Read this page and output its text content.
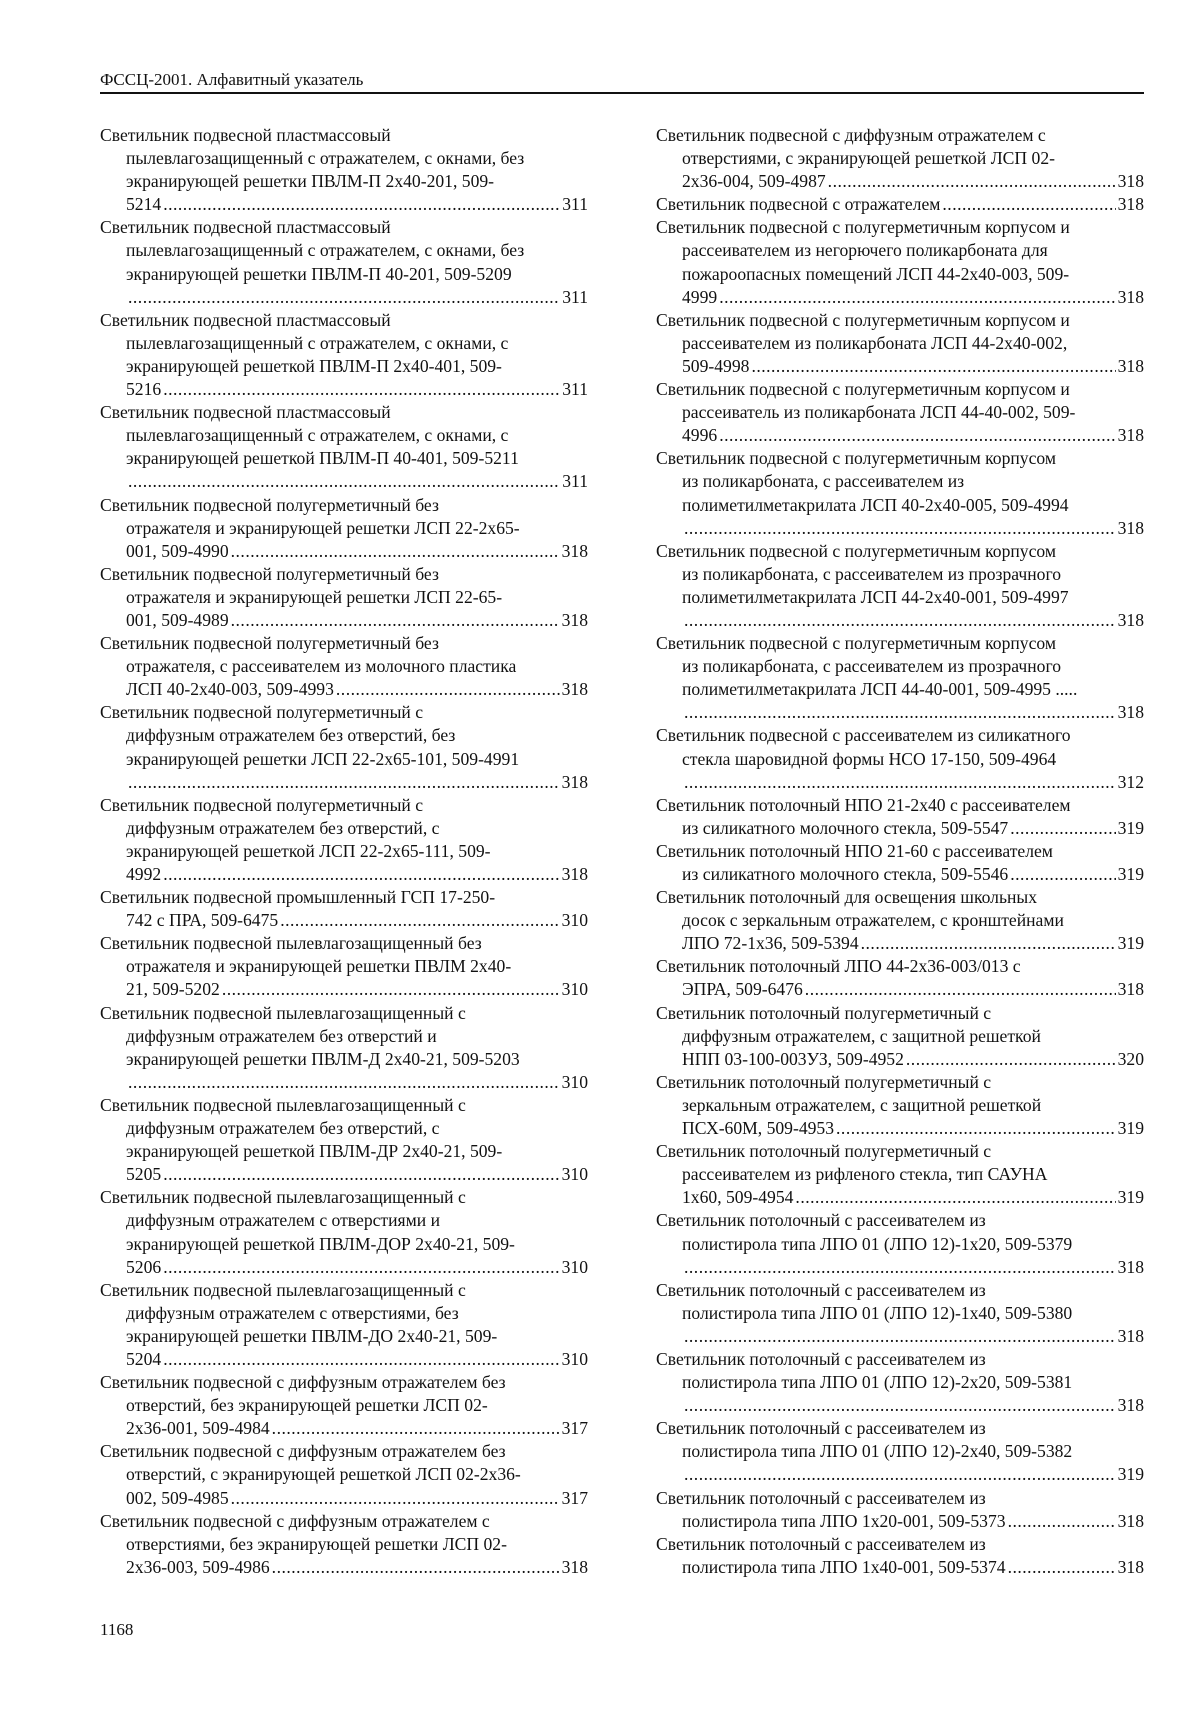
ФССЦ-2001. Алфавитный указатель
Светильник подвесной пластмассовый
пылевлагозащищенный с отражателем, с окнами, без
экранирующей решетки ПВЛМ-П 2х40-201, 509-
5214 .....	311
Светильник подвесной пластмассовый
пылевлагозащищенный с отражателем, с окнами, без
экранирующей решетки ПВЛМ-П 40-201, 509-5209
.....
311
Светильник подвесной пластмассовый
пылевлагозащищенный с отражателем, с окнами, с
экранирующей решеткой ПВЛМ-П 2х40-401, 509-
5216 .....	311
Светильник подвесной пластмассовый
пылевлагозащищенный с отражателем, с окнами, с
экранирующей решеткой ПВЛМ-П 40-401, 509-5211
.....
311
Светильник подвесной полугерметичный без
отражателя и экранирующей решетки ЛСП 22-2х65-
001, 509-4990 .....	318
Светильник подвесной полугерметичный без
отражателя и экранирующей решетки ЛСП 22-65-
001, 509-4989 .....	318
Светильник подвесной полугерметичный без
отражателя, с рассеивателем из молочного пластика
ЛСП 40-2х40-003, 509-4993 .....	318
Светильник подвесной полугерметичный с
диффузным отражателем без отверстий, без
экранирующей решетки ЛСП 22-2х65-101, 509-4991
.....
318
Светильник подвесной полугерметичный с
диффузным отражателем без отверстий, с
экранирующей решеткой ЛСП 22-2х65-111, 509-
4992 .....	318
Светильник подвесной промышленный ГСП 17-250-
742 с ПРА, 509-6475 .....	310
Светильник подвесной пылевлагозащищенный без
отражателя и экранирующей решетки ПВЛМ 2х40-
21, 509-5202 .....	310
Светильник подвесной пылевлагозащищенный с
диффузным отражателем без отверстий и
экранирующей решетки ПВЛМ-Д 2х40-21, 509-5203
.....
310
Светильник подвесной пылевлагозащищенный с
диффузным отражателем без отверстий, с
экранирующей решеткой ПВЛМ-ДР 2х40-21, 509-
5205 .....	310
Светильник подвесной пылевлагозащищенный с
диффузным отражателем с отверстиями и
экранирующей решеткой ПВЛМ-ДОР 2х40-21, 509-
5206 .....	310
Светильник подвесной пылевлагозащищенный с
диффузным отражателем с отверстиями, без
экранирующей решетки ПВЛМ-ДО 2х40-21, 509-
5204 .....	310
Светильник подвесной с диффузным отражателем без
отверстий, без экранирующей решетки ЛСП 02-
2х36-001, 509-4984 .....	317
Светильник подвесной с диффузным отражателем без
отверстий, с экранирующей решеткой ЛСП 02-2х36-
002, 509-4985 .....	317
Светильник подвесной с диффузным отражателем с
отверстиями, без экранирующей решетки ЛСП 02-
2х36-003, 509-4986 .....	318
Светильник подвесной с диффузным отражателем с
отверстиями, с экранирующей решеткой ЛСП 02-
2х36-004, 509-4987 .....	318
Светильник подвесной с отражателем .....	318
Светильник подвесной с полугерметичным корпусом и
рассеивателем из негорючего поликарбоната для
пожароопасных помещений ЛСП 44-2х40-003, 509-
4999 .....	318
Светильник подвесной с полугерметичным корпусом и
рассеивателем из поликарбоната ЛСП 44-2х40-002,
509-4998 .....	318
Светильник подвесной с полугерметичным корпусом и
рассеиватель из поликарбоната ЛСП 44-40-002, 509-
4996 .....	318
Светильник подвесной с полугерметичным корпусом
из поликарбоната, с рассеивателем из
полиметилметакрилата ЛСП 40-2х40-005, 509-4994
.....
318
Светильник подвесной с полугерметичным корпусом
из поликарбоната, с рассеивателем из прозрачного
полиметилметакрилата ЛСП 44-2х40-001, 509-4997
.....
318
Светильник подвесной с полугерметичным корпусом
из поликарбоната, с рассеивателем из прозрачного
полиметилметакрилата ЛСП 44-40-001, 509-4995 .....
.....
318
Светильник подвесной с рассеивателем из силикатного
стекла шаровидной формы НСО 17-150, 509-4964
.....
312
Светильник потолочный НПО 21-2х40 с рассеивателем
из силикатного молочного стекла, 509-5547 .....	319
Светильник потолочный НПО 21-60 с рассеивателем
из силикатного молочного стекла, 509-5546 .....	319
Светильник потолочный для освещения школьных
досок с зеркальным отражателем, с кронштейнами
ЛПО 72-1х36, 509-5394 .....	319
Светильник потолочный ЛПО 44-2х36-003/013 с
ЭПРА, 509-6476 .....	318
Светильник потолочный полугерметичный с
диффузным отражателем, с защитной решеткой
НПП 03-100-003УЗ, 509-4952 .....	320
Светильник потолочный полугерметичный с
зеркальным отражателем, с защитной решеткой
ПСХ-60М, 509-4953 .....	319
Светильник потолочный полугерметичный с
рассеивателем из рифленого стекла, тип САУНА
1х60, 509-4954 .....	319
Светильник потолочный с рассеивателем из
полистирола типа ЛПО 01 (ЛПО 12)-1х20, 509-5379
.....
318
Светильник потолочный с рассеивателем из
полистирола типа ЛПО 01 (ЛПО 12)-1х40, 509-5380
.....
318
Светильник потолочный с рассеивателем из
полистирола типа ЛПО 01 (ЛПО 12)-2х20, 509-5381
.....
318
Светильник потолочный с рассеивателем из
полистирола типа ЛПО 01 (ЛПО 12)-2х40, 509-5382
.....
319
Светильник потолочный с рассеивателем из
полистирола типа ЛПО 1х20-001, 509-5373 .....	318
Светильник потолочный с рассеивателем из
полистирола типа ЛПО 1х40-001, 509-5374 .....	318
1168
